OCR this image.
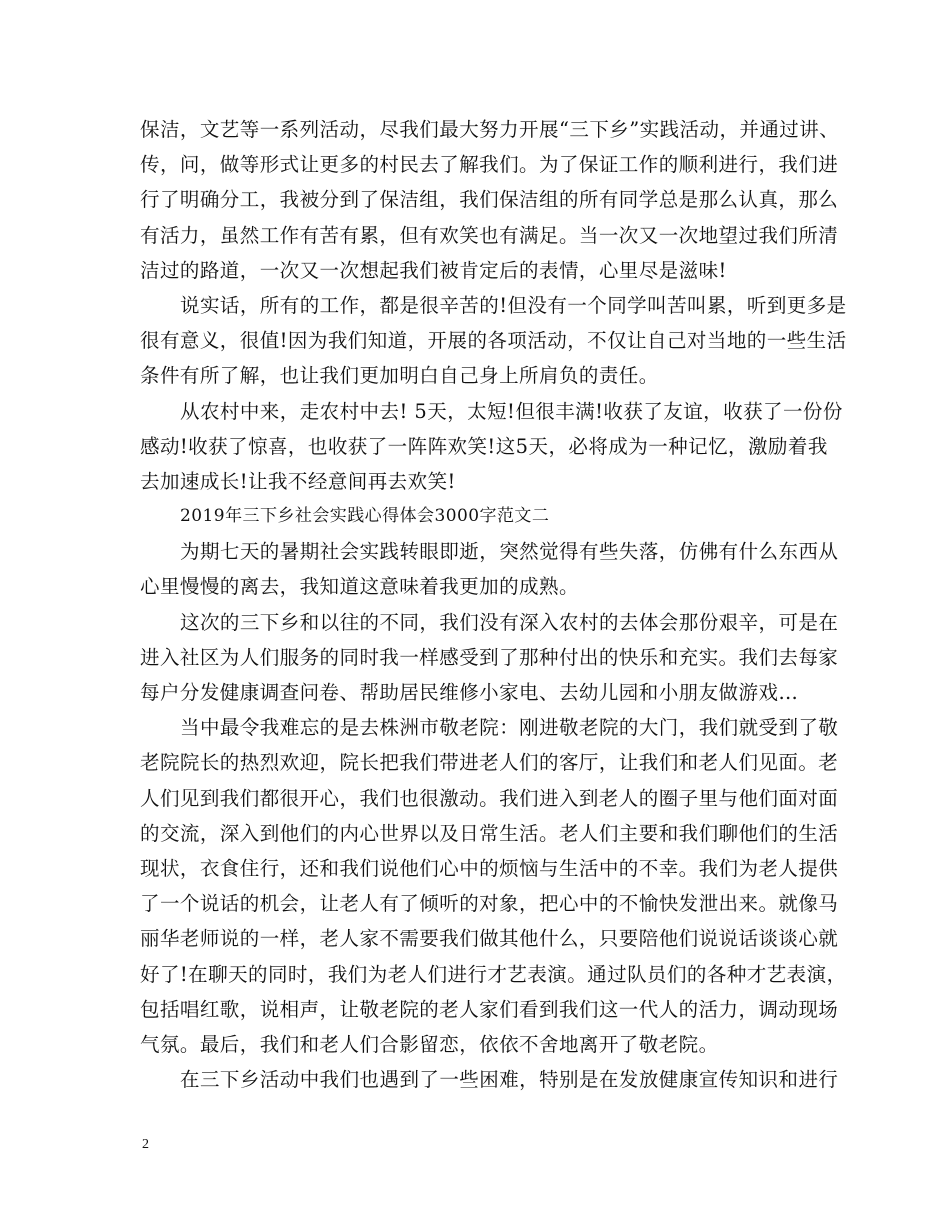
保洁，文艺等一系列活动，尽我们最大努力开展“三下乡”实践活动，并通过讲、
传，问，做等形式让更多的村民去了解我们。为了保证工作的顺利进行，我们进
行了明确分工，我被分到了保洁组，我们保洁组的所有同学总是那么认真，那么
有活力，虽然工作有苦有累，但有欢笑也有满足。当一次又一次地望过我们所清
洁过的路道，一次又一次想起我们被肯定后的表情，心里尽是滋味!
说实话，所有的工作，都是很辛苦的!但没有一个同学叫苦叫累，听到更多是
很有意义，很值!因为我们知道，开展的各项活动，不仅让自己对当地的一些生活
条件有所了解，也让我们更加明白自己身上所肩负的责任。
从农村中来，走农村中去! 5天，太短!但很丰满!收获了友谊，收获了一份份
感动!收获了惊喜，也收获了一阵阵欢笑!这5天，必将成为一种记忆，激励着我
去加速成长!让我不经意间再去欢笑!
2019年三下乡社会实践心得体会3000字范文二
为期七天的暑期社会实践转眼即逝，突然觉得有些失落，仿佛有什么东西从
心里慢慢的离去，我知道这意味着我更加的成熟。
这次的三下乡和以往的不同，我们没有深入农村的去体会那份艰辛，可是在
进入社区为人们服务的同时我一样感受到了那种付出的快乐和充实。我们去每家
每户分发健康调查问卷、帮助居民维修小家电、去幼儿园和小朋友做游戏…
当中最令我难忘的是去株洲市敬老院：刚进敬老院的大门，我们就受到了敬
老院院长的热烈欢迎，院长把我们带进老人们的客厅，让我们和老人们见面。老
人们见到我们都很开心，我们也很激动。我们进入到老人的圈子里与他们面对面
的交流，深入到他们的内心世界以及日常生活。老人们主要和我们聊他们的生活
现状，衣食住行，还和我们说他们心中的烦恼与生活中的不幸。我们为老人提供
了一个说话的机会，让老人有了倾听的对象，把心中的不愉快发泄出来。就像马
丽华老师说的一样，老人家不需要我们做其他什么，只要陪他们说说话谈谈心就
好了!在聊天的同时，我们为老人们进行才艺表演。通过队员们的各种才艺表演，
包括唱红歌，说相声，让敬老院的老人家们看到我们这一代人的活力，调动现场
气氛。最后，我们和老人们合影留恋，依依不舍地离开了敬老院。
在三下乡活动中我们也遇到了一些困难，特别是在发放健康宣传知识和进行
2
